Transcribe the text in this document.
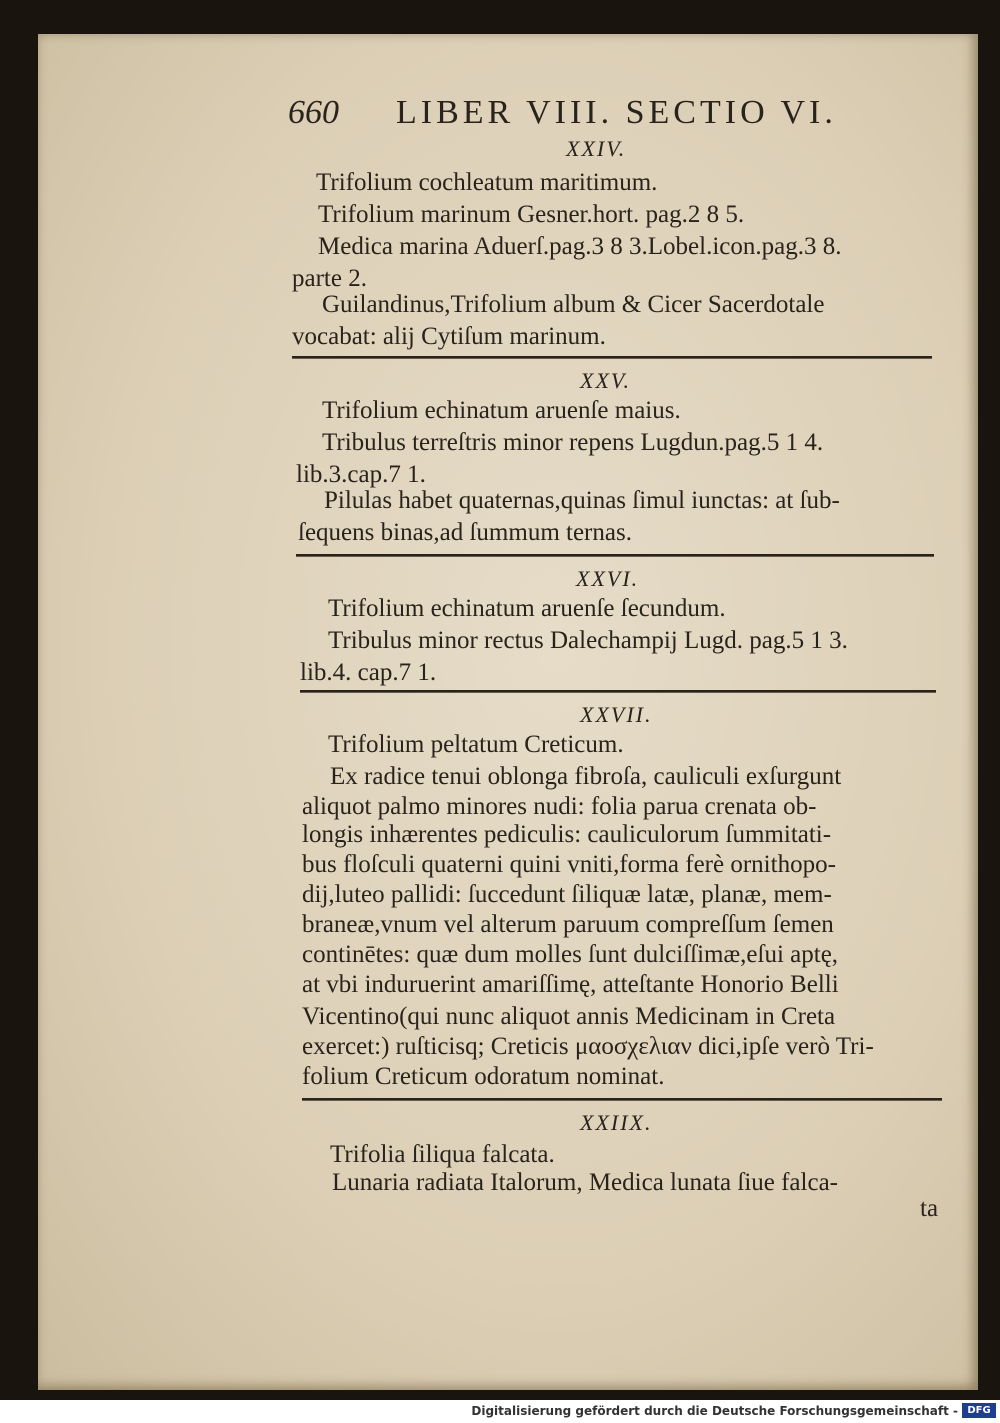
660 LIBER VIII. SECTIO VI.
XXIV.
Trifolium cochleatum maritimum.
Trifolium marinum Gesner.hort. pag.2 8 5.
Medica marina Aduerſ.pag.3 8 3.Lobel.icon.pag.3 8.
parte 2.
Guilandinus,Trifolium album & Cicer Sacerdotale
vocabat: alij Cytiſum marinum.
XXV.
Trifolium echinatum aruenſe maius.
Tribulus terreſtris minor repens Lugdun.pag.5 1 4.
lib.3.cap.7 1.
Pilulas habet quaternas,quinas ſimul iunctas: at ſub-
ſequens binas,ad ſummum ternas.
XXVI.
Trifolium echinatum aruenſe ſecundum.
Tribulus minor rectus Dalechampij Lugd. pag.5 1 3.
lib.4. cap.7 1.
XXVII.
Trifolium peltatum Creticum.
Ex radice tenui oblonga fibroſa, cauliculi exſurgunt
aliquot palmo minores nudi: folia parua crenata ob-
longis inhærentes pediculis: cauliculorum ſummitati-
bus floſculi quaterni quini vniti,forma ferè ornithopo-
dij,luteo pallidi: ſuccedunt ſiliquæ latæ, planæ, mem-
braneæ,vnum vel alterum paruum compreſſum ſemen
continētes: quæ dum molles ſunt dulciſſimæ,eſui aptę,
at vbi induruerint amariſſimę, atteſtante Honorio Belli
Vicentino(qui nunc aliquot annis Medicinam in Creta
exercet:) ruſticisq; Creticis μαοσχελιαν dici,ipſe verò Tri-
folium Creticum odoratum nominat.
XXIIX.
Trifolia ſiliqua falcata.
Lunaria radiata Italorum, Medica lunata ſiue falca-
ta
Digitalisierung gefördert durch die Deutsche Forschungsgemeinschaft - DFG
